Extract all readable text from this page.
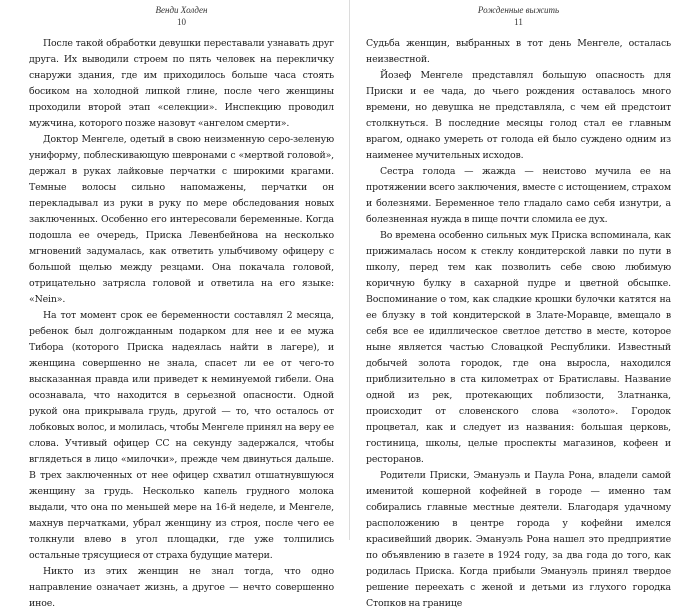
Венди Холден
10

После такой обработки девушки переставали узнавать друг друга. Их выводили строем по пять человек на перекличку снаружи здания, где им приходилось больше часа стоять босиком на холодной липкой глине, после чего женщины проходили второй этап «селекции». Инспекцию проводил мужчина, которого позже назовут «ангелом смерти».

Доктор Менгеле, одетый в свою неизменную серо-зеленую униформу, поблескивающую шевронами с «мертвой головой», держал в руках лайковые перчатки с широкими крагами. Темные волосы сильно напомажены, перчатки он перекладывал из руки в руку по мере обследования новых заключенных. Особенно его интересовали беременные. Когда подошла ее очередь, Приска Левенбейнова на несколько мгновений задумалась, как ответить улыбчивому офицеру с большой щелью между резцами. Она покачала головой, отрицательно затрясла головой и ответила на его языке: «Nein».

На тот момент срок ее беременности составлял 2 месяца, ребенок был долгожданным подарком для нее и ее мужа Тибора (которого Приска надеялась найти в лагере), и женщина совершенно не знала, спасет ли ее от чего-то высказанная правда или приведет к неминуемой гибели. Она осознавала, что находится в серьезной опасности. Одной рукой она прикрывала грудь, другой — то, что осталось от лобковых волос, и молилась, чтобы Менгеле принял на веру ее слова. Учтивый офицер СС на секунду задержался, чтобы вглядеться в лицо «милочки», прежде чем двинуться дальше. В трех заключенных от нее офицер схватил отшатнувшуюся женщину за грудь. Несколько капель грудного молока выдали, что она по меньшей мере на 16-й неделе, и Менгеле, махнув перчатками, убрал женщину из строя, после чего ее толкнули влево в угол площадки, где уже толпились остальные трясущиеся от страха будущие матери.

Никто из этих женщин не знал тогда, что одно направление означает жизнь, а другое — нечто совершенно иное.

Рожденные выжить
11

Судьба женщин, выбранных в тот день Менгеле, осталась неизвестной.

Йозеф Менгеле представлял большую опасность для Приски и ее чада, до чьего рождения оставалось много времени, но девушка не представляла, с чем ей предстоит столкнуться. В последние месяцы голод стал ее главным врагом, однако умереть от голода ей было суждено одним из наименее мучительных исходов.

Сестра голода — жажда — неистово мучила ее на протяжении всего заключения, вместе с истощением, страхом и болезнями. Беременное тело гладало само себя изнутри, а болезненная нужда в пище почти сломила ее дух.

Во времена особенно сильных мук Приска вспоминала, как прижималась носом к стеклу кондитерской лавки по пути в школу, перед тем как позволить себе свою любимую коричную булку в сахарной пудре и цветной обсыпке. Воспоминание о том, как сладкие крошки булочки катятся на ее блузку в той кондитерской в Злате-Моравце, вмещало в себя все ее идиллическое светлое детство в месте, которое ныне является частью Словацкой Республики. Известный добычей золота городок, где она выросла, находился приблизительно в ста километрах от Братиславы. Название одной из рек, протекающих поблизости, Златнанка, происходит от словенского слова «золото». Городок процветал, как и следует из названия: большая церковь, гостиница, школы, целые проспекты магазинов, кофеен и ресторанов.

Родители Приски, Эмануэль и Паула Рона, владели самой именитой кошерной кофейней в городе — именно там собирались главные местные деятели. Благодаря удачному расположению в центре города у кофейни имелся красивейший дворик. Эмануэль Рона нашел это предприятие по объявлению в газете в 1924 году, за два года до того, как родилась Приска. Когда прибыли Эмануэль принял твердое решение переехать с женой и детьми из глухого городка Стопков на границе
